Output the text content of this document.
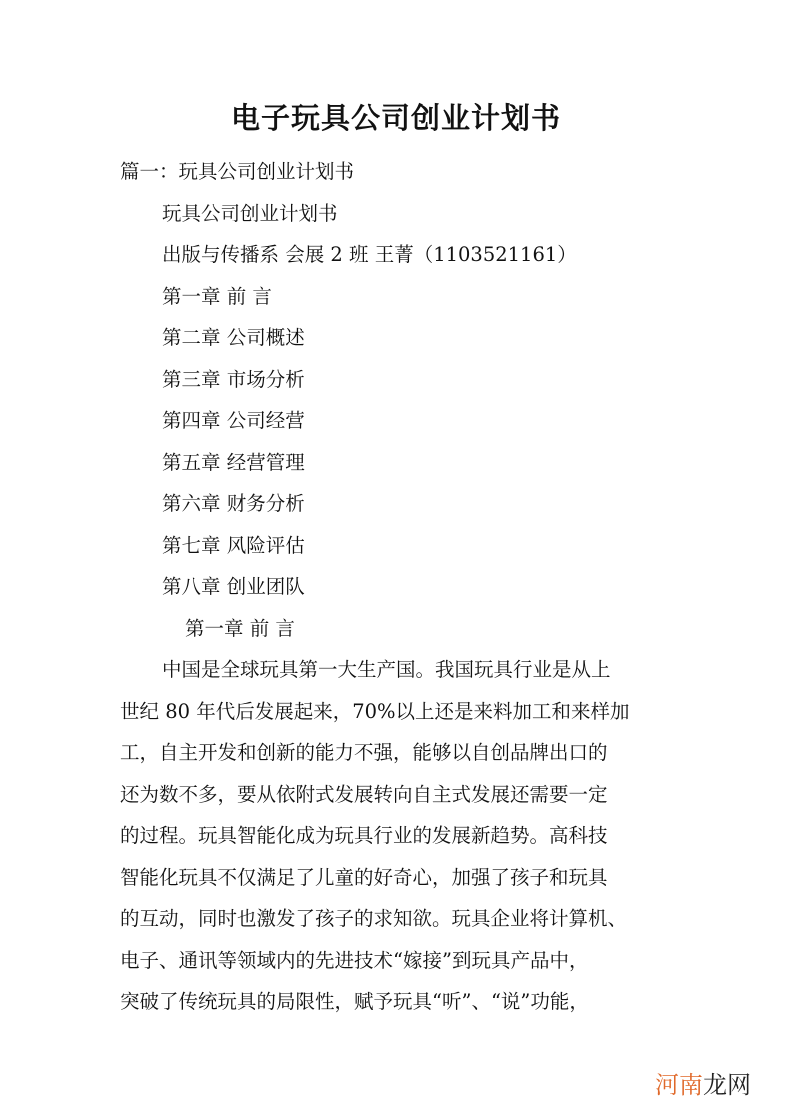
电子玩具公司创业计划书
篇一：玩具公司创业计划书
玩具公司创业计划书
出版与传播系 会展 2 班 王菁（1103521161）
第一章 前 言
第二章 公司概述
第三章 市场分析
第四章 公司经营
第五章 经营管理
第六章 财务分析
第七章 风险评估
第八章 创业团队
第一章 前 言
中国是全球玩具第一大生产国。我国玩具行业是从上
世纪 80 年代后发展起来，70%以上还是来料加工和来样加
工，自主开发和创新的能力不强，能够以自创品牌出口的
还为数不多，要从依附式发展转向自主式发展还需要一定
的过程。玩具智能化成为玩具行业的发展新趋势。高科技
智能化玩具不仅满足了儿童的好奇心，加强了孩子和玩具
的互动，同时也激发了孩子的求知欲。玩具企业将计算机、
电子、通讯等领域内的先进技术“嫁接”到玩具产品中，
突破了传统玩具的局限性，赋予玩具“听”、“说”功能，
河南龙网
